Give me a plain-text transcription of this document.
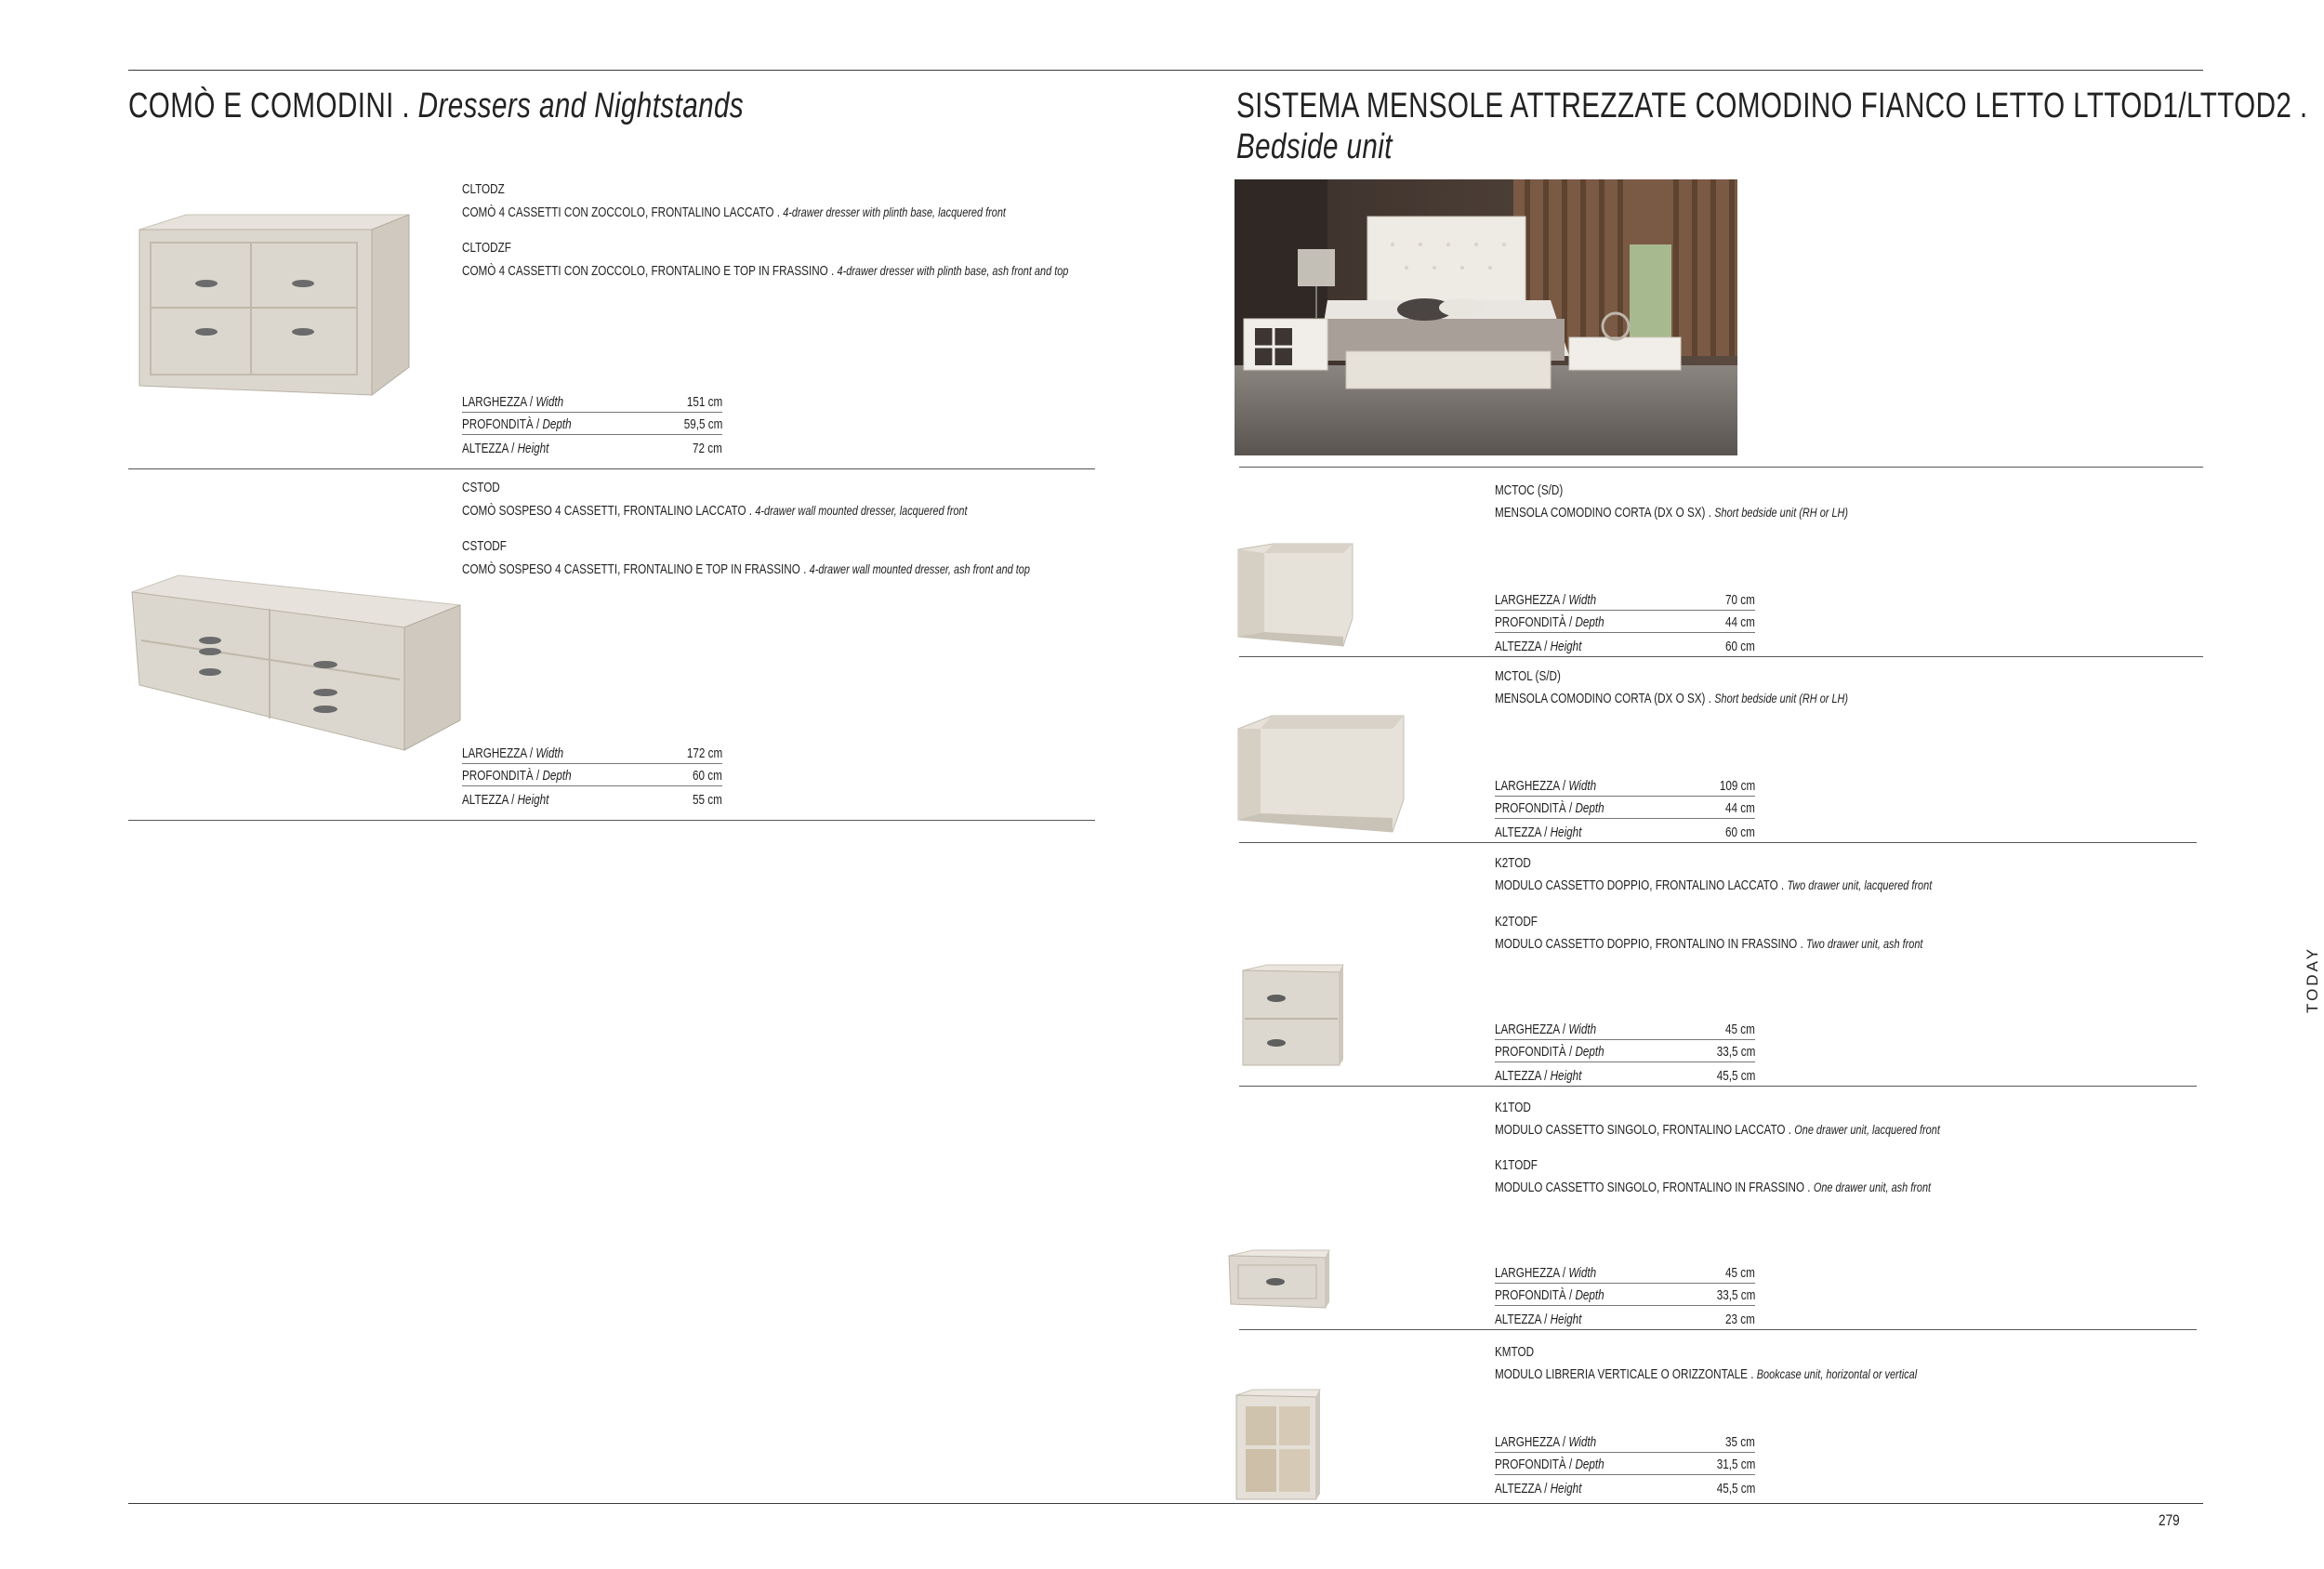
COMÒ E COMODINI . Dressers and Nightstands	SISTEMA MENSOLE ATTREZZATE COMODINO FIANCO LETTO LTTOD1/LTTOD2 .
Bedside unit
CLTODZ
COMÒ 4 CASSETTI CON ZOCCOLO, FRONTALINO LACCATO . 4-drawer dresser with plinth base, lacquered front
CLTODZF
COMÒ 4 CASSETTI CON ZOCCOLO, FRONTALINO E TOP IN FRASSINO . 4-drawer dresser with plinth base, ash front and top
LARGHEZZA / Width	151 cm
PROFONDITÀ / Depth	59,5 cm
ALTEZZA / Height	72 cm
CSTOD
COMÒ SOSPESO 4 CASSETTI, FRONTALINO LACCATO . 4-drawer wall mounted dresser, lacquered front
CSTODF
COMÒ SOSPESO 4 CASSETTI, FRONTALINO E TOP IN FRASSINO . 4-drawer wall mounted dresser, ash front and top
LARGHEZZA / Width	172 cm
PROFONDITÀ / Depth	60 cm
ALTEZZA / Height	55 cm
MCTOC (S/D)
MENSOLA COMODINO CORTA (DX O SX) . Short bedside unit (RH or LH)
LARGHEZZA / Width	70 cm
PROFONDITÀ / Depth	44 cm
ALTEZZA / Height	60 cm
MCTOL (S/D)
MENSOLA COMODINO CORTA (DX O SX) . Short bedside unit (RH or LH)
LARGHEZZA / Width	109 cm
PROFONDITÀ / Depth	44 cm
ALTEZZA / Height	60 cm
K2TOD
MODULO CASSETTO DOPPIO, FRONTALINO LACCATO . Two drawer unit, lacquered front
K2TODF
MODULO CASSETTO DOPPIO, FRONTALINO IN FRASSINO . Two drawer unit, ash front
LARGHEZZA / Width	45 cm
PROFONDITÀ / Depth	33,5 cm
ALTEZZA / Height	45,5 cm
K1TOD
MODULO CASSETTO SINGOLO, FRONTALINO LACCATO . One drawer unit, lacquered front
K1TODF
MODULO CASSETTO SINGOLO, FRONTALINO IN FRASSINO . One drawer unit, ash front
LARGHEZZA / Width	45 cm
PROFONDITÀ / Depth	33,5 cm
ALTEZZA / Height	23 cm
KMTOD
MODULO LIBRERIA VERTICALE O ORIZZONTALE . Bookcase unit, horizontal or vertical
LARGHEZZA / Width	35 cm
PROFONDITÀ / Depth	31,5 cm
ALTEZZA / Height	45,5 cm
TODAY
279
